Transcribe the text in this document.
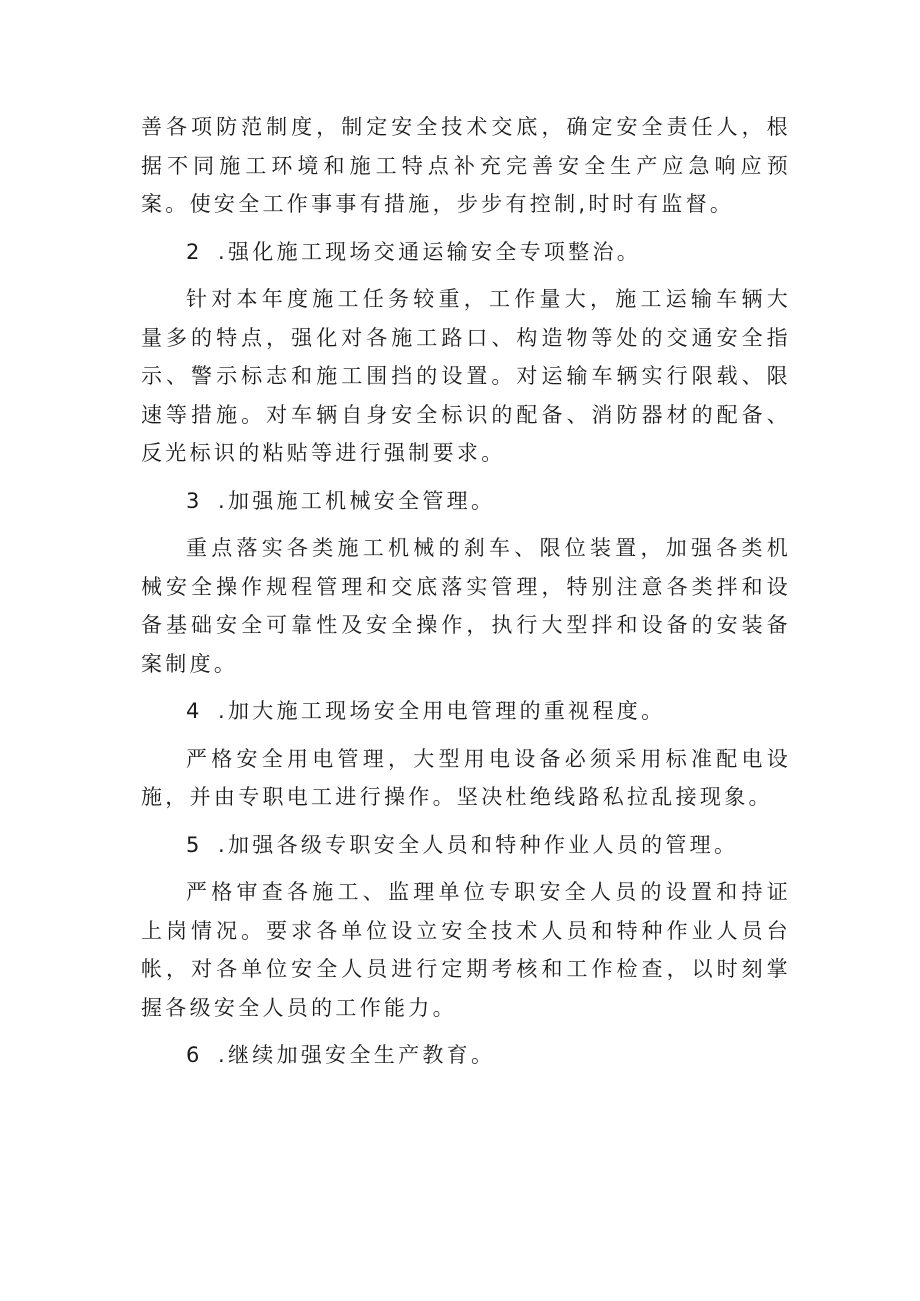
善各项防范制度，制定安全技术交底，确定安全责任人，根据不同施工环境和施工特点补充完善安全生产应急响应预案。使安全工作事事有措施，步步有控制,时时有监督。

2 .强化施工现场交通运输安全专项整治。

针对本年度施工任务较重，工作量大，施工运输车辆大量多的特点，强化对各施工路口、构造物等处的交通安全指示、警示标志和施工围挡的设置。对运输车辆实行限载、限速等措施。对车辆自身安全标识的配备、消防器材的配备、反光标识的粘贴等进行强制要求。

3 .加强施工机械安全管理。

重点落实各类施工机械的刹车、限位装置，加强各类机械安全操作规程管理和交底落实管理，特别注意各类拌和设备基础安全可靠性及安全操作，执行大型拌和设备的安装备案制度。

4 .加大施工现场安全用电管理的重视程度。

严格安全用电管理，大型用电设备必须采用标准配电设施，并由专职电工进行操作。坚决杜绝线路私拉乱接现象。

5 .加强各级专职安全人员和特种作业人员的管理。

严格审查各施工、监理单位专职安全人员的设置和持证上岗情况。要求各单位设立安全技术人员和特种作业人员台帐，对各单位安全人员进行定期考核和工作检查，以时刻掌握各级安全人员的工作能力。

6 .继续加强安全生产教育。
